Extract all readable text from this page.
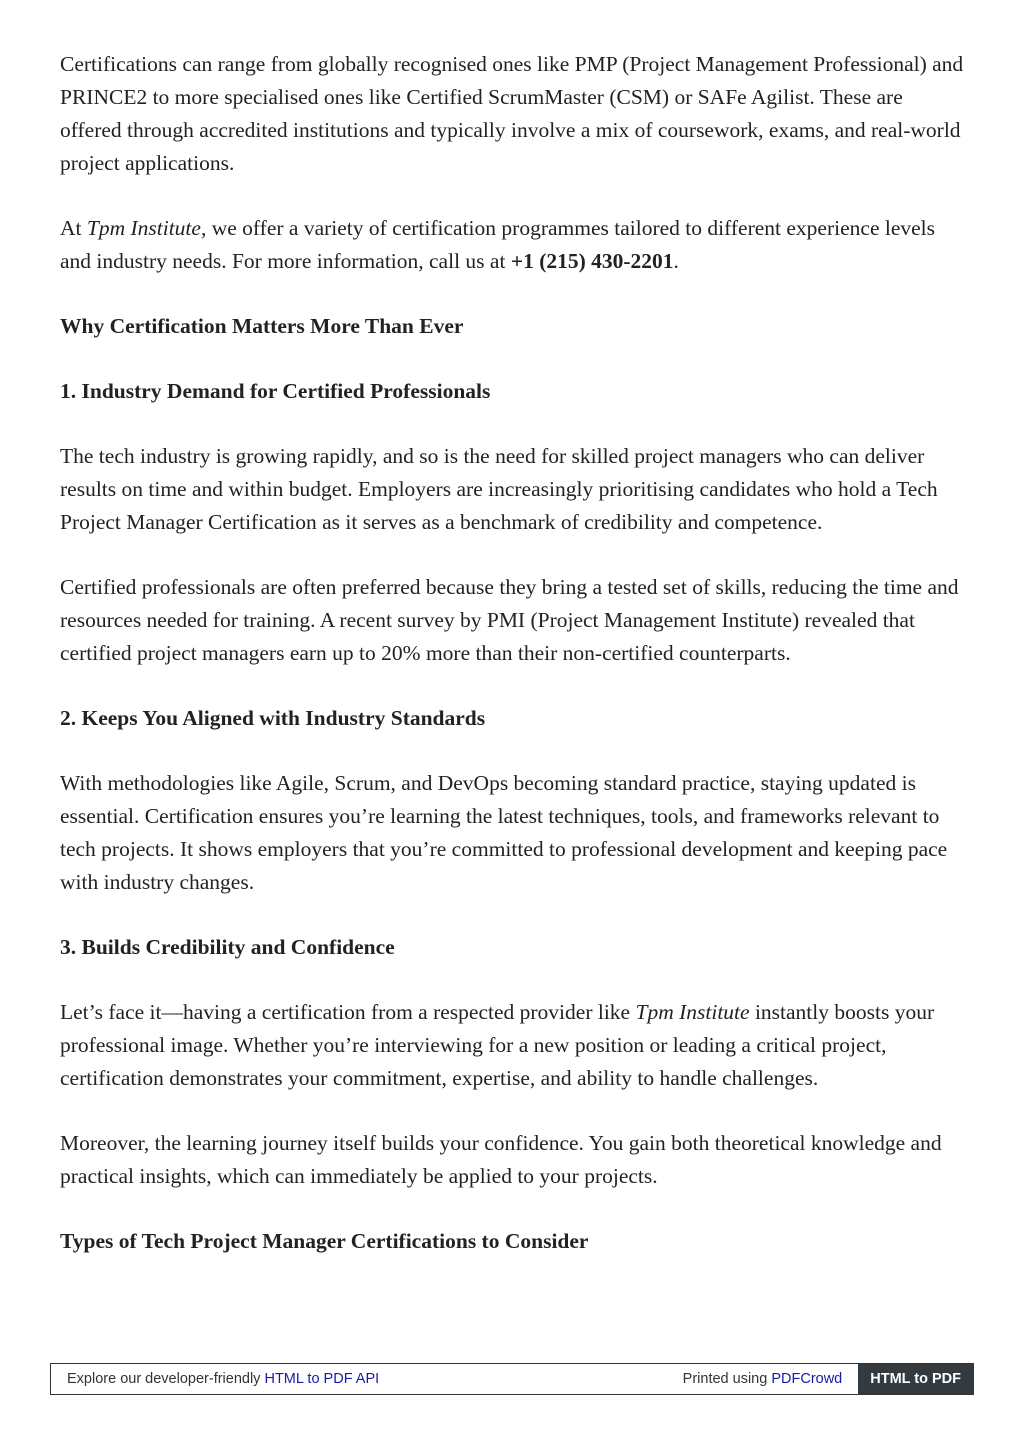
Certifications can range from globally recognised ones like PMP (Project Management Professional) and PRINCE2 to more specialised ones like Certified ScrumMaster (CSM) or SAFe Agilist. These are offered through accredited institutions and typically involve a mix of coursework, exams, and real-world project applications.

At Tpm Institute, we offer a variety of certification programmes tailored to different experience levels and industry needs. For more information, call us at +1 (215) 430-2201.

Why Certification Matters More Than Ever

1. Industry Demand for Certified Professionals

The tech industry is growing rapidly, and so is the need for skilled project managers who can deliver results on time and within budget. Employers are increasingly prioritising candidates who hold a Tech Project Manager Certification as it serves as a benchmark of credibility and competence.

Certified professionals are often preferred because they bring a tested set of skills, reducing the time and resources needed for training. A recent survey by PMI (Project Management Institute) revealed that certified project managers earn up to 20% more than their non-certified counterparts.

2. Keeps You Aligned with Industry Standards

With methodologies like Agile, Scrum, and DevOps becoming standard practice, staying updated is essential. Certification ensures you’re learning the latest techniques, tools, and frameworks relevant to tech projects. It shows employers that you’re committed to professional development and keeping pace with industry changes.

3. Builds Credibility and Confidence

Let’s face it—having a certification from a respected provider like Tpm Institute instantly boosts your professional image. Whether you’re interviewing for a new position or leading a critical project, certification demonstrates your commitment, expertise, and ability to handle challenges.

Moreover, the learning journey itself builds your confidence. You gain both theoretical knowledge and practical insights, which can immediately be applied to your projects.

Types of Tech Project Manager Certifications to Consider

Explore our developer-friendly HTML to PDF API	Printed using PDFCrowd	HTML to PDF
